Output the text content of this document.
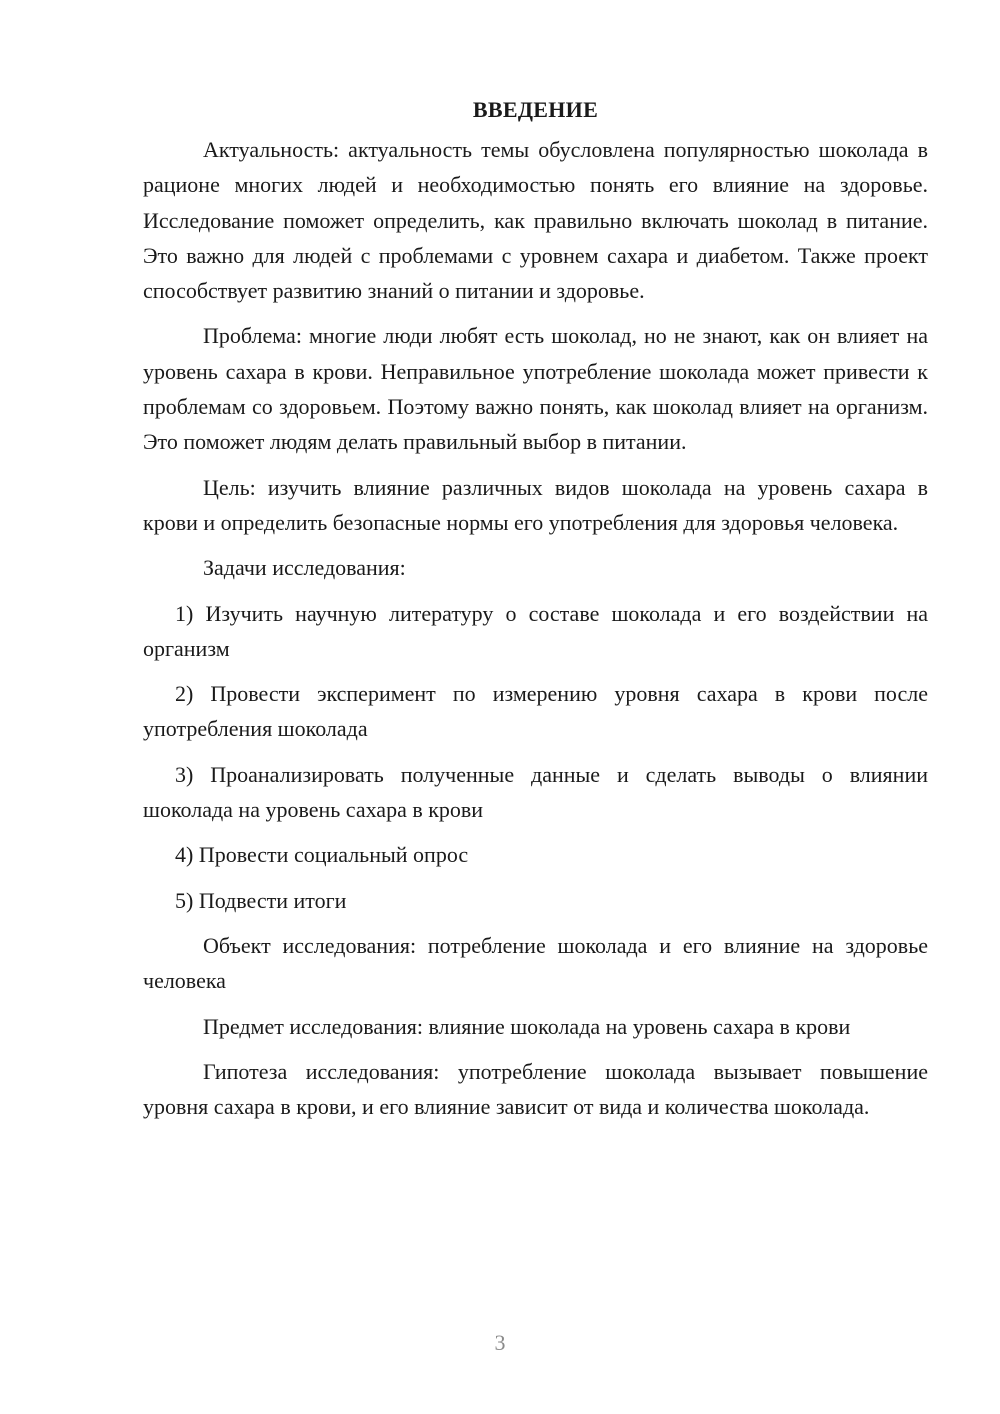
ВВЕДЕНИЕ

Актуальность: актуальность темы обусловлена популярностью шоколада в рационе многих людей и необходимостью понять его влияние на здоровье. Исследование поможет определить, как правильно включать шоколад в питание. Это важно для людей с проблемами с уровнем сахара и диабетом. Также проект способствует развитию знаний о питании и здоровье.

Проблема: многие люди любят есть шоколад, но не знают, как он влияет на уровень сахара в крови. Неправильное употребление шоколада может привести к проблемам со здоровьем. Поэтому важно понять, как шоколад влияет на организм. Это поможет людям делать правильный выбор в питании.

Цель: изучить влияние различных видов шоколада на уровень сахара в крови и определить безопасные нормы его употребления для здоровья человека.

Задачи исследования:

1) Изучить научную литературу о составе шоколада и его воздействии на организм

2) Провести эксперимент по измерению уровня сахара в крови после употребления шоколада

3) Проанализировать полученные данные и сделать выводы о влиянии шоколада на уровень сахара в крови

4) Провести социальный опрос

5) Подвести итоги

Объект исследования: потребление шоколада и его влияние на здоровье человека

Предмет исследования: влияние шоколада на уровень сахара в крови

Гипотеза исследования: употребление шоколада вызывает повышение уровня сахара в крови, и его влияние зависит от вида и количества шоколада.

3
